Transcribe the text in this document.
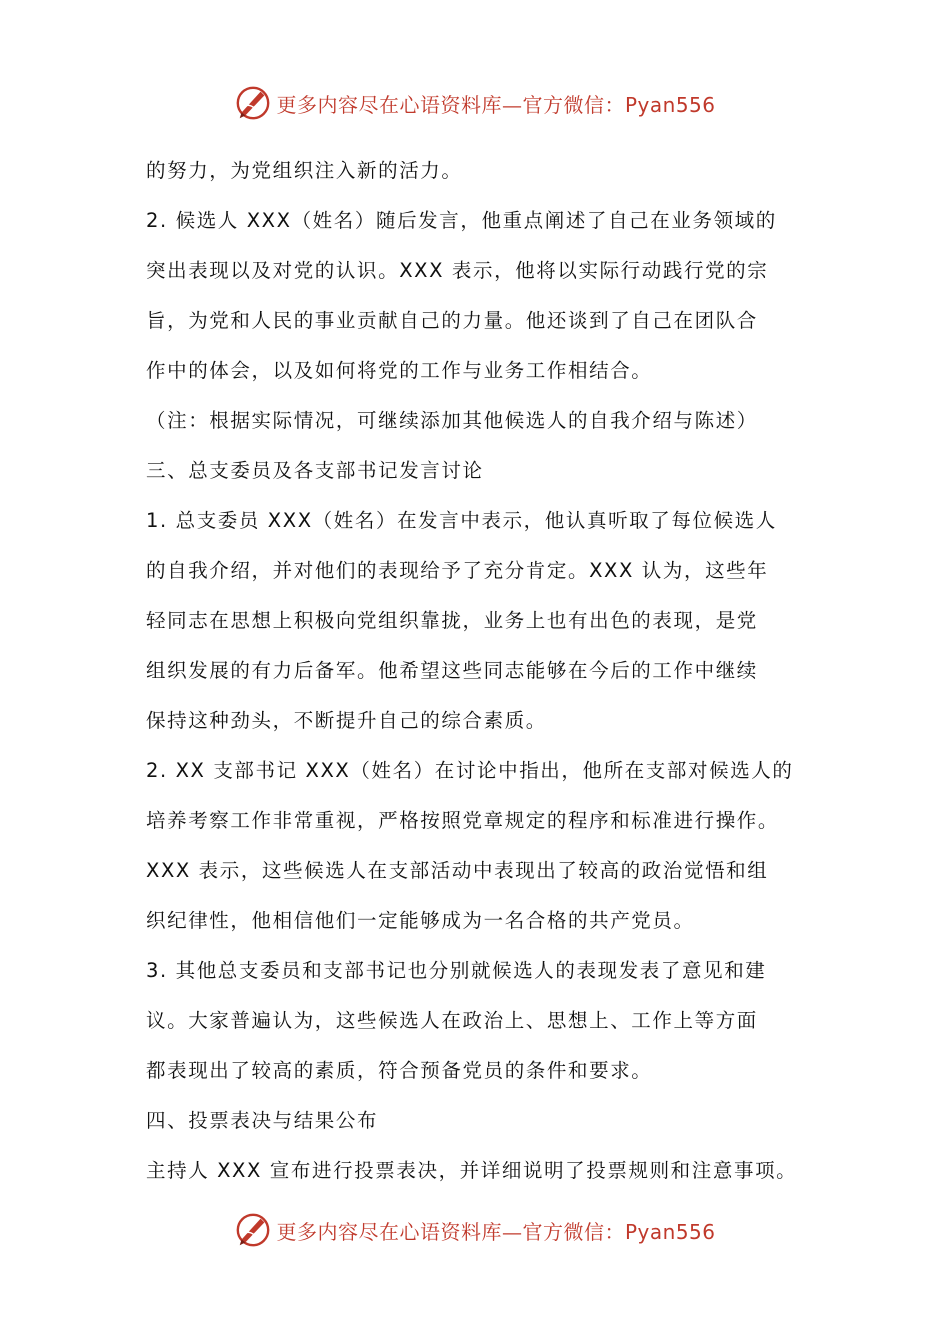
更多内容尽在心语资料库—官方微信：Pyan556
的努力，为党组织注入新的活力。
2. 候选人 XXX（姓名）随后发言，他重点阐述了自己在业务领域的
突出表现以及对党的认识。XXX 表示，他将以实际行动践行党的宗
旨，为党和人民的事业贡献自己的力量。他还谈到了自己在团队合
作中的体会，以及如何将党的工作与业务工作相结合。
（注：根据实际情况，可继续添加其他候选人的自我介绍与陈述）
三、总支委员及各支部书记发言讨论
1. 总支委员 XXX（姓名）在发言中表示，他认真听取了每位候选人
的自我介绍，并对他们的表现给予了充分肯定。XXX 认为，这些年
轻同志在思想上积极向党组织靠拢，业务上也有出色的表现，是党
组织发展的有力后备军。他希望这些同志能够在今后的工作中继续
保持这种劲头，不断提升自己的综合素质。
2. XX 支部书记 XXX（姓名）在讨论中指出，他所在支部对候选人的
培养考察工作非常重视，严格按照党章规定的程序和标准进行操作。
XXX 表示，这些候选人在支部活动中表现出了较高的政治觉悟和组
织纪律性，他相信他们一定能够成为一名合格的共产党员。
3. 其他总支委员和支部书记也分别就候选人的表现发表了意见和建
议。大家普遍认为，这些候选人在政治上、思想上、工作上等方面
都表现出了较高的素质，符合预备党员的条件和要求。
四、投票表决与结果公布
主持人 XXX 宣布进行投票表决，并详细说明了投票规则和注意事项。
更多内容尽在心语资料库—官方微信：Pyan556
